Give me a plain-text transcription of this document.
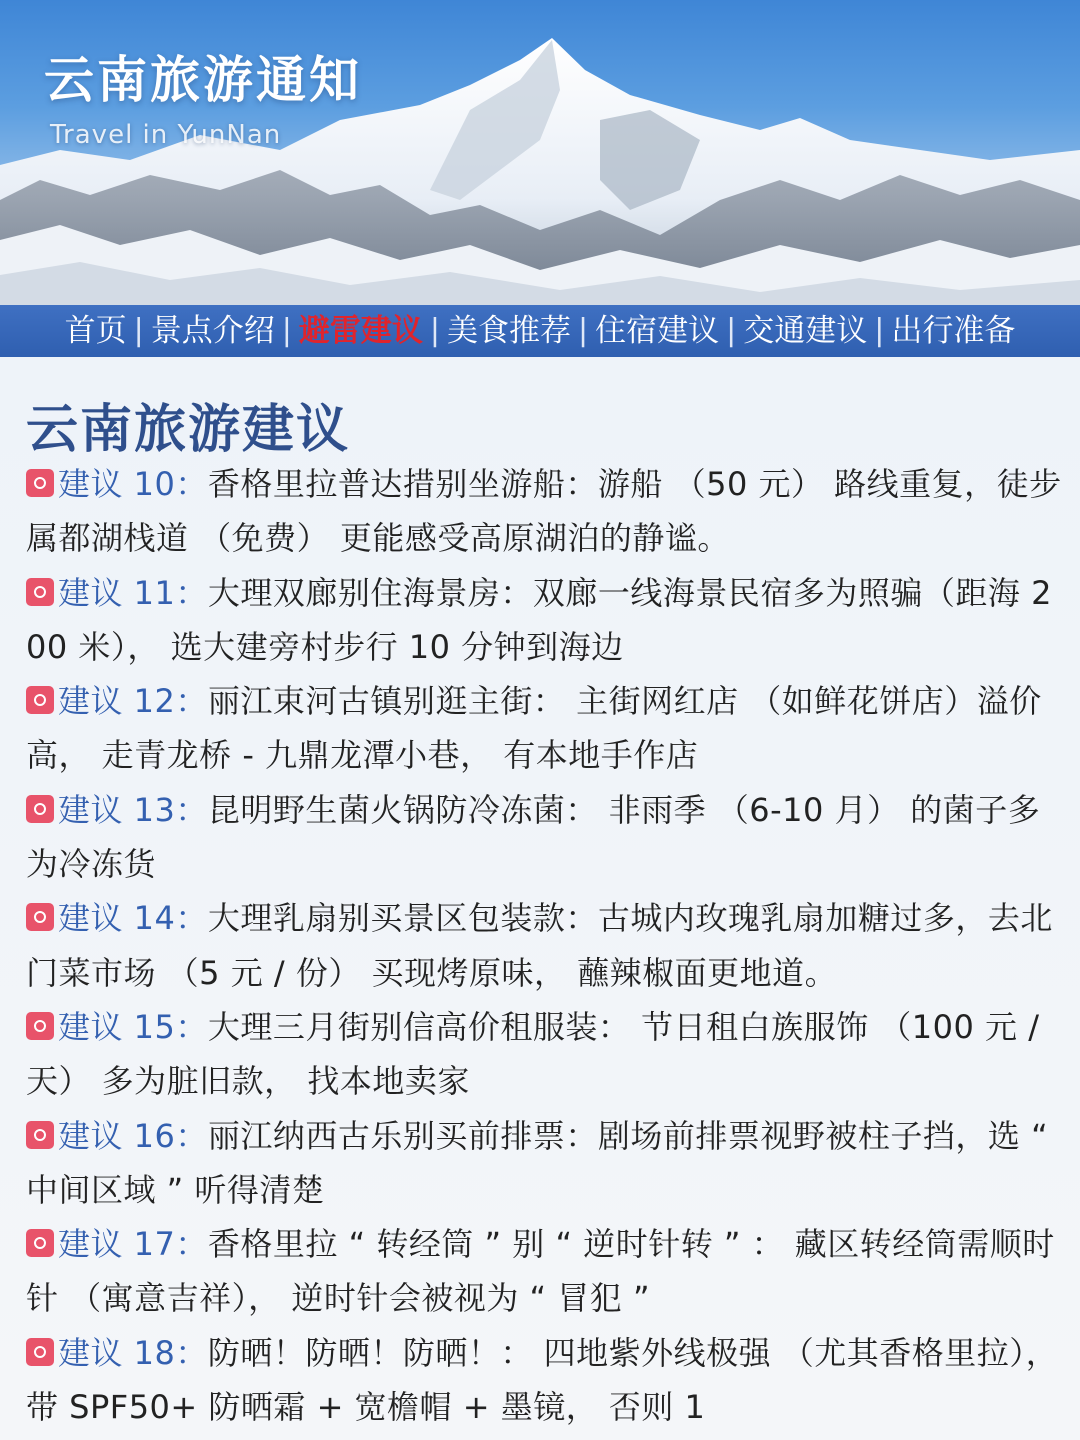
云南旅游通知
Travel in YunNan
首页 | 景点介绍 | 避雷建议 | 美食推荐 | 住宿建议 | 交通建议 | 出行准备
云南旅游建议
建议 10：香格里拉普达措别坐游船：游船 （50 元） 路线重复，徒步属都湖栈道 （免费） 更能感受高原湖泊的静谧。
建议 11：大理双廊别住海景房：双廊一线海景民宿多为照骗（距海 200 米）， 选大建旁村步行 10 分钟到海边
建议 12：丽江束河古镇别逛主街： 主街网红店 （如鲜花饼店）溢价高， 走青龙桥 - 九鼎龙潭小巷， 有本地手作店
建议 13：昆明野生菌火锅防冷冻菌： 非雨季 （6-10 月） 的菌子多为冷冻货
建议 14：大理乳扇别买景区包装款：古城内玫瑰乳扇加糖过多，去北门菜市场 （5 元 / 份） 买现烤原味， 蘸辣椒面更地道。
建议 15：大理三月街别信高价租服装： 节日租白族服饰 （100 元 / 天） 多为脏旧款， 找本地卖家
建议 16：丽江纳西古乐别买前排票：剧场前排票视野被柱子挡，选 “ 中间区域 ” 听得清楚
建议 17：香格里拉 “ 转经筒 ” 别 “ 逆时针转 ” ： 藏区转经筒需顺时针 （寓意吉祥）， 逆时针会被视为 “ 冒犯 ”
建议 18：防晒！防晒！防晒！： 四地紫外线极强 （尤其香格里拉）， 带 SPF50+ 防晒霜 + 宽檐帽 + 墨镜， 否则 1
